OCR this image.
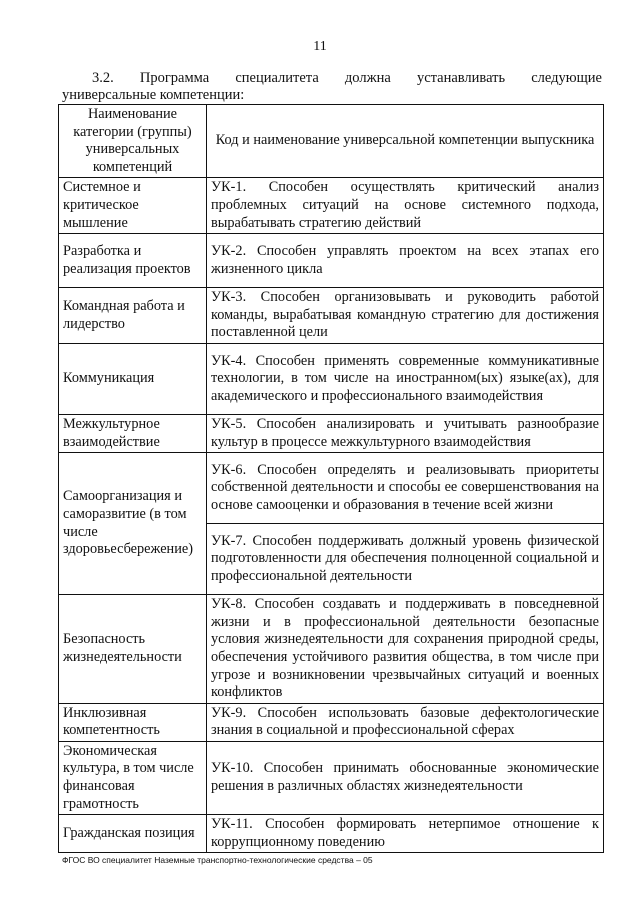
11
3.2. Программа специалитета должна устанавливать следующие
универсальные компетенции:
Наименование категории (группы) универсальных компетенций	Код и наименование универсальной компетенции выпускника
Системное и критическое мышление	УК-1. Способен осуществлять критический анализ проблемных ситуаций на основе системного подхода, вырабатывать стратегию действий
Разработка и реализация проектов	УК-2. Способен управлять проектом на всех этапах его жизненного цикла
Командная работа и лидерство	УК-3. Способен организовывать и руководить работой команды, вырабатывая командную стратегию для достижения поставленной цели
Коммуникация	УК-4. Способен применять современные коммуникативные технологии, в том числе на иностранном(ых) языке(ах), для академического и профессионального взаимодействия
Межкультурное взаимодействие	УК-5. Способен анализировать и учитывать разнообразие культур в процессе межкультурного взаимодействия
Самоорганизация и саморазвитие (в том числе здоровьесбережение)	УК-6. Способен определять и реализовывать приоритеты собственной деятельности и способы ее совершенствования на основе самооценки и образования в течение всей жизни
	УК-7. Способен поддерживать должный уровень физической подготовленности для обеспечения полноценной социальной и профессиональной деятельности
Безопасность жизнедеятельности	УК-8. Способен создавать и поддерживать в повседневной жизни и в профессиональной деятельности безопасные условия жизнедеятельности для сохранения природной среды, обеспечения устойчивого развития общества, в том числе при угрозе и возникновении чрезвычайных ситуаций и военных конфликтов
Инклюзивная компетентность	УК-9. Способен использовать базовые дефектологические знания в социальной и профессиональной сферах
Экономическая культура, в том числе финансовая грамотность	УК-10. Способен принимать обоснованные экономические решения в различных областях жизнедеятельности
Гражданская позиция	УК-11. Способен формировать нетерпимое отношение к коррупционному поведению
ФГОС ВО специалитет Наземные транспортно-технологические средства – 05
